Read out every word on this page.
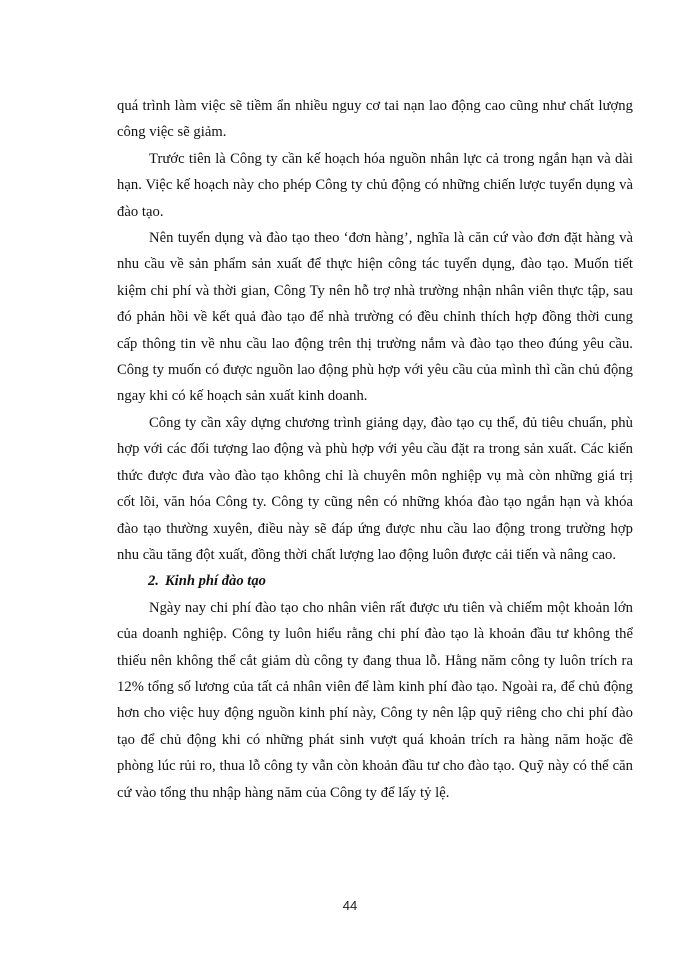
quá trình làm việc sẽ tiềm ẩn nhiều nguy cơ tai nạn lao động cao cũng như chất lượng công việc sẽ giảm.

Trước tiên là Công ty cần kế hoạch hóa nguồn nhân lực cả trong ngắn hạn và dài hạn. Việc kế hoạch này cho phép Công ty chủ động có những chiến lược tuyển dụng và đào tạo.

Nên tuyển dụng và đào tạo theo ‘đơn hàng’, nghĩa là căn cứ vào đơn đặt hàng và nhu cầu về sản phẩm sản xuất để thực hiện công tác tuyển dụng, đào tạo. Muốn tiết kiệm chi phí và thời gian, Công Ty nên hỗ trợ nhà trường nhận nhân viên thực tập, sau đó phản hồi về kết quả đào tạo để nhà trường có đều chỉnh thích hợp đồng thời cung cấp thông tin về nhu cầu lao động trên thị trường nắm và đào tạo theo đúng yêu cầu. Công ty muốn có được nguồn lao động phù hợp với yêu cầu của mình thì cần chủ động ngay khi có kế hoạch sản xuất kinh doanh.

Công ty cần xây dựng chương trình giảng dạy, đào tạo cụ thể, đủ tiêu chuẩn, phù hợp với các đối tượng lao động và phù hợp với yêu cầu đặt ra trong sản xuất. Các kiến thức được đưa vào đào tạo không chỉ là chuyên môn nghiệp vụ mà còn những giá trị cốt lõi, văn hóa Công ty. Công ty cũng nên có những khóa đào tạo ngắn hạn và khóa đào tạo thường xuyên, điều này sẽ đáp ứng được nhu cầu lao động trong trường hợp nhu cầu tăng đột xuất, đồng thời chất lượng lao động luôn được cải tiến và nâng cao.

2. Kinh phí đào tạo

Ngày nay chi phí đào tạo cho nhân viên rất được ưu tiên và chiếm một khoản lớn của doanh nghiệp. Công ty luôn hiểu rằng chi phí đào tạo là khoản đầu tư không thể thiếu nên không thể cắt giảm dù công ty đang thua lỗ. Hằng năm công ty luôn trích ra 12% tổng số lương của tất cả nhân viên để làm kinh phí đào tạo. Ngoài ra, để chủ động hơn cho việc huy động nguồn kinh phí này, Công ty nên lập quỹ riêng cho chi phí đào tạo để chủ động khi có những phát sinh vượt quá khoản trích ra hàng năm hoặc đề phòng lúc rủi ro, thua lỗ công ty vẫn còn khoản đầu tư cho đào tạo. Quỹ này có thể căn cứ vào tổng thu nhập hàng năm của Công ty để lấy tỷ lệ.

44
